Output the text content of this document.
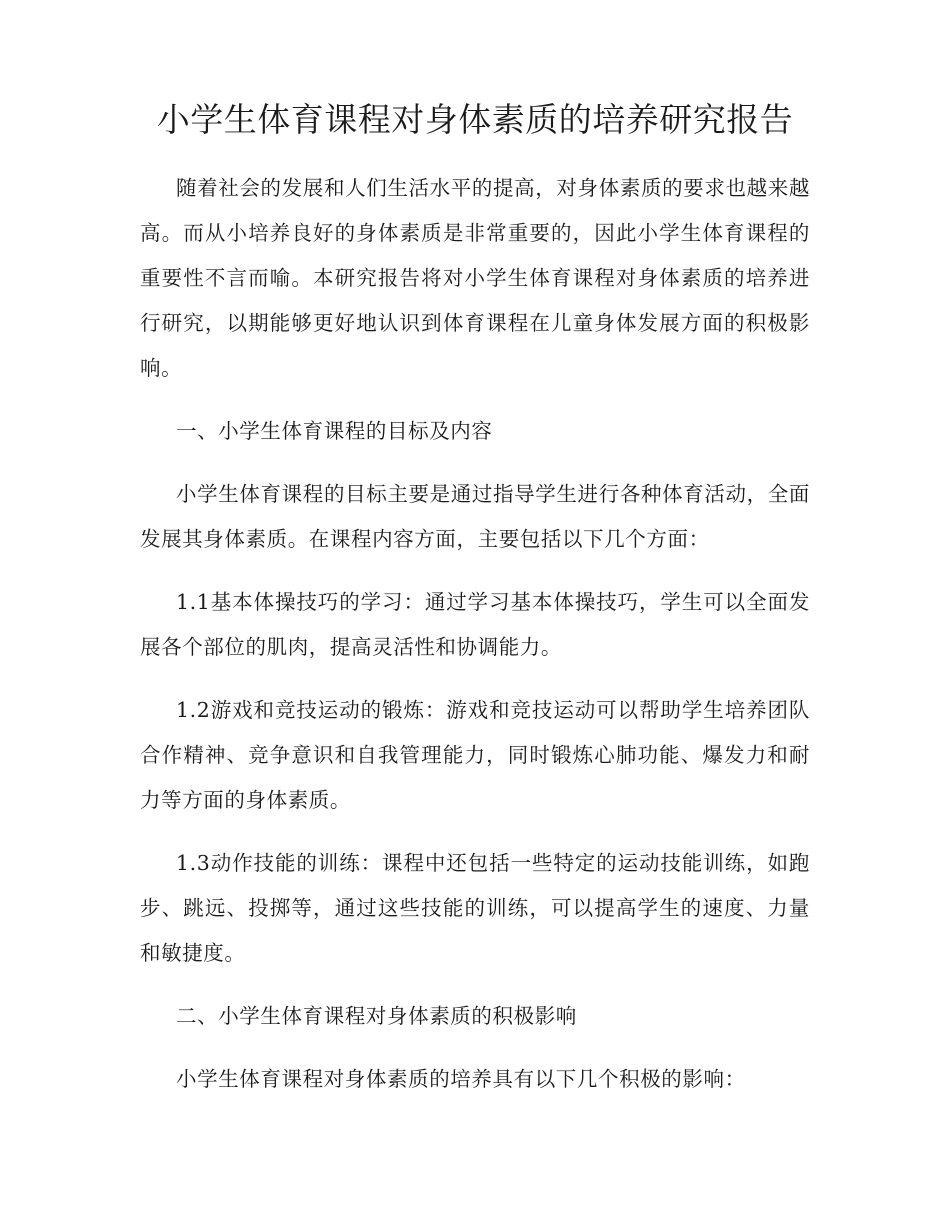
小学生体育课程对身体素质的培养研究报告

随着社会的发展和人们生活水平的提高，对身体素质的要求也越来越高。而从小培养良好的身体素质是非常重要的，因此小学生体育课程的重要性不言而喻。本研究报告将对小学生体育课程对身体素质的培养进行研究，以期能够更好地认识到体育课程在儿童身体发展方面的积极影响。

一、小学生体育课程的目标及内容

小学生体育课程的目标主要是通过指导学生进行各种体育活动，全面发展其身体素质。在课程内容方面，主要包括以下几个方面：

1.1基本体操技巧的学习：通过学习基本体操技巧，学生可以全面发展各个部位的肌肉，提高灵活性和协调能力。

1.2游戏和竞技运动的锻炼：游戏和竞技运动可以帮助学生培养团队合作精神、竞争意识和自我管理能力，同时锻炼心肺功能、爆发力和耐力等方面的身体素质。

1.3动作技能的训练：课程中还包括一些特定的运动技能训练，如跑步、跳远、投掷等，通过这些技能的训练，可以提高学生的速度、力量和敏捷度。

二、小学生体育课程对身体素质的积极影响

小学生体育课程对身体素质的培养具有以下几个积极的影响：
